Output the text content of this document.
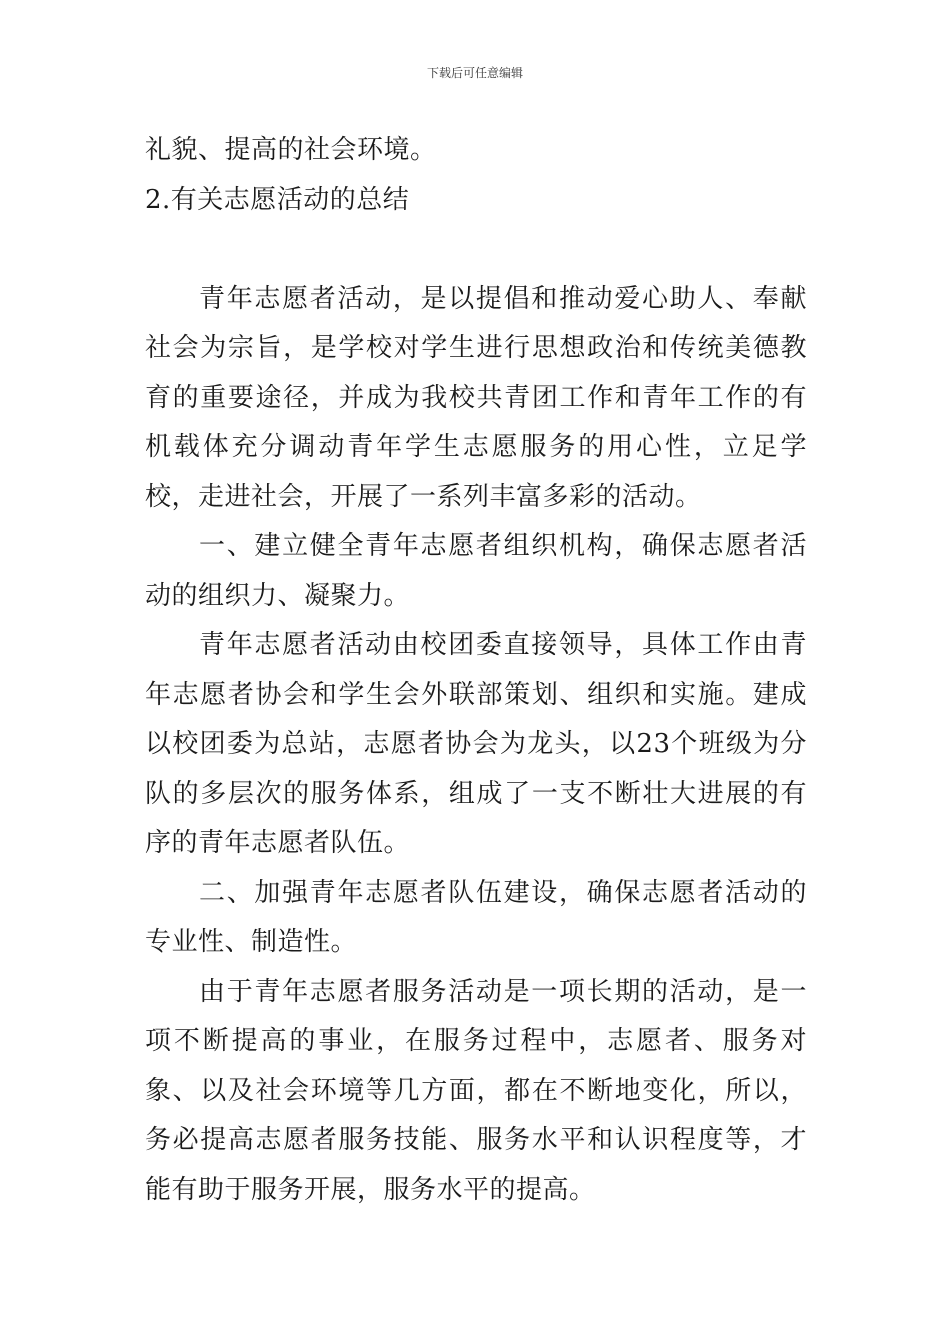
下载后可任意编辑

礼貌、提高的社会环境。

2.有关志愿活动的总结

青年志愿者活动，是以提倡和推动爱心助人、奉献社会为宗旨，是学校对学生进行思想政治和传统美德教育的重要途径，并成为我校共青团工作和青年工作的有机载体充分调动青年学生志愿服务的用心性，立足学校，走进社会，开展了一系列丰富多彩的活动。

一、建立健全青年志愿者组织机构，确保志愿者活动的组织力、凝聚力。

青年志愿者活动由校团委直接领导，具体工作由青年志愿者协会和学生会外联部策划、组织和实施。建成以校团委为总站，志愿者协会为龙头，以23个班级为分队的多层次的服务体系，组成了一支不断壮大进展的有序的青年志愿者队伍。

二、加强青年志愿者队伍建设，确保志愿者活动的专业性、制造性。

由于青年志愿者服务活动是一项长期的活动，是一项不断提高的事业，在服务过程中，志愿者、服务对象、以及社会环境等几方面，都在不断地变化，所以，务必提高志愿者服务技能、服务水平和认识程度等，才能有助于服务开展，服务水平的提高。
